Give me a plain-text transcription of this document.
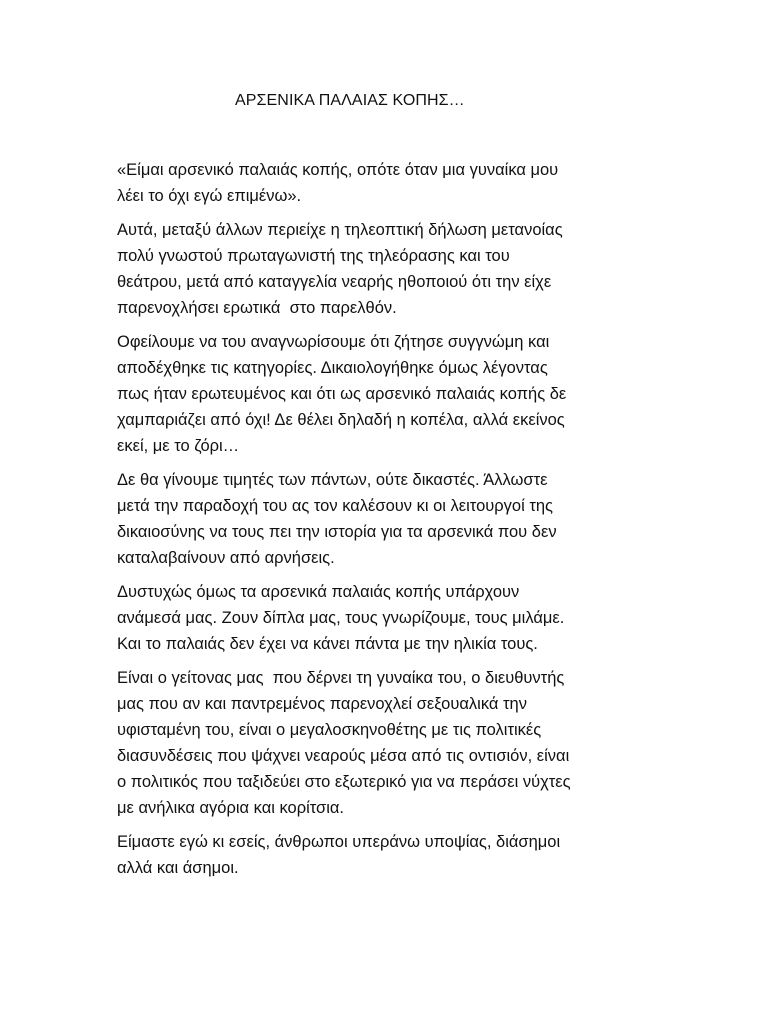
ΑΡΣΕΝΙΚΑ ΠΑΛΑΙΑΣ ΚΟΠΗΣ…

«Είμαι αρσενικό παλαιάς κοπής, οπότε όταν μια γυναίκα μου
λέει το όχι εγώ επιμένω».

Αυτά, μεταξύ άλλων περιείχε η τηλεοπτική δήλωση μετανοίας
πολύ γνωστού πρωταγωνιστή της τηλεόρασης και του
θεάτρου, μετά από καταγγελία νεαρής ηθοποιού ότι την είχε
παρενοχλήσει ερωτικά  στο παρελθόν.

Οφείλουμε να του αναγνωρίσουμε ότι ζήτησε συγγνώμη και
αποδέχθηκε τις κατηγορίες. Δικαιολογήθηκε όμως λέγοντας
πως ήταν ερωτευμένος και ότι ως αρσενικό παλαιάς κοπής δε
χαμπαριάζει από όχι! Δε θέλει δηλαδή η κοπέλα, αλλά εκείνος
εκεί, με το ζόρι…

Δε θα γίνουμε τιμητές των πάντων, ούτε δικαστές. Άλλωστε
μετά την παραδοχή του ας τον καλέσουν κι οι λειτουργοί της
δικαιοσύνης να τους πει την ιστορία για τα αρσενικά που δεν
καταλαβαίνουν από αρνήσεις.

Δυστυχώς όμως τα αρσενικά παλαιάς κοπής υπάρχουν
ανάμεσά μας. Ζουν δίπλα μας, τους γνωρίζουμε, τους μιλάμε.
Και το παλαιάς δεν έχει να κάνει πάντα με την ηλικία τους.

Είναι ο γείτονας μας  που δέρνει τη γυναίκα του, ο διευθυντής
μας που αν και παντρεμένος παρενοχλεί σεξουαλικά την
υφισταμένη του, είναι ο μεγαλοσκηνοθέτης με τις πολιτικές
διασυνδέσεις που ψάχνει νεαρούς μέσα από τις οντισιόν, είναι
ο πολιτικός που ταξιδεύει στο εξωτερικό για να περάσει νύχτες
με ανήλικα αγόρια και κορίτσια.

Είμαστε εγώ κι εσείς, άνθρωποι υπεράνω υποψίας, διάσημοι
αλλά και άσημοι.
